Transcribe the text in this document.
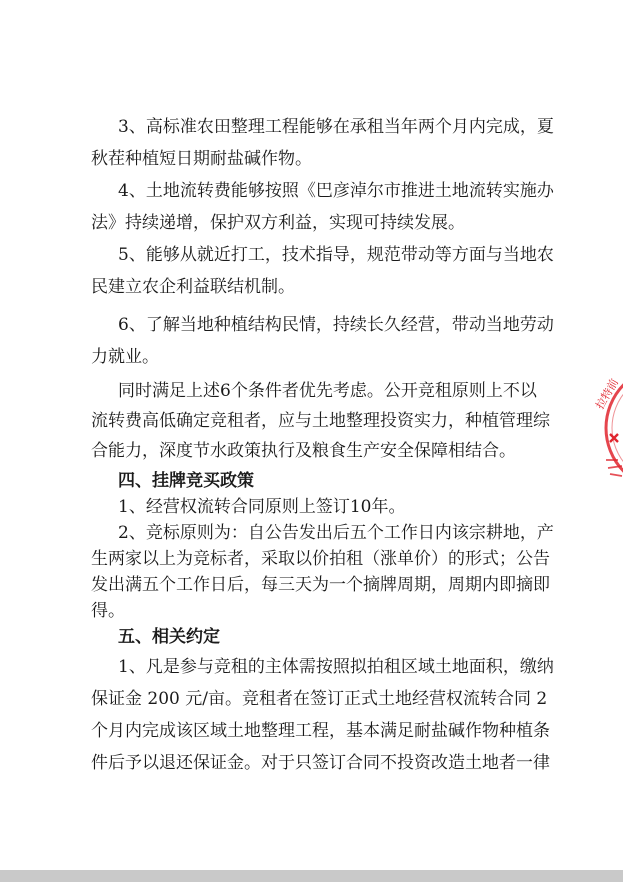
3、高标准农田整理工程能够在承租当年两个月内完成，夏
秋茬种植短日期耐盐碱作物。
4、土地流转费能够按照《巴彦淖尔市推进土地流转实施办
法》持续递增，保护双方利益，实现可持续发展。
5、能够从就近打工，技术指导，规范带动等方面与当地农
民建立农企利益联结机制。
6、了解当地种植结构民情，持续长久经营，带动当地劳动
力就业。
同时满足上述6个条件者优先考虑。公开竞租原则上不以
流转费高低确定竞租者，应与土地整理投资实力，种植管理综
合能力，深度节水政策执行及粮食生产安全保障相结合。
四、挂牌竞买政策
1、经营权流转合同原则上签订10年。
2、竞标原则为：自公告发出后五个工作日内该宗耕地，产
生两家以上为竞标者，采取以价拍租（涨单价）的形式；公告
发出满五个工作日后，每三天为一个摘牌周期，周期内即摘即
得。
五、相关约定
1、凡是参与竞租的主体需按照拟拍租区域土地面积，缴纳
保证金 200 元/亩。竞租者在签订正式土地经营权流转合同 2
个月内完成该区域土地整理工程，基本满足耐盐碱作物种植条
件后予以退还保证金。对于只签订合同不投资改造土地者一律
拉特前
